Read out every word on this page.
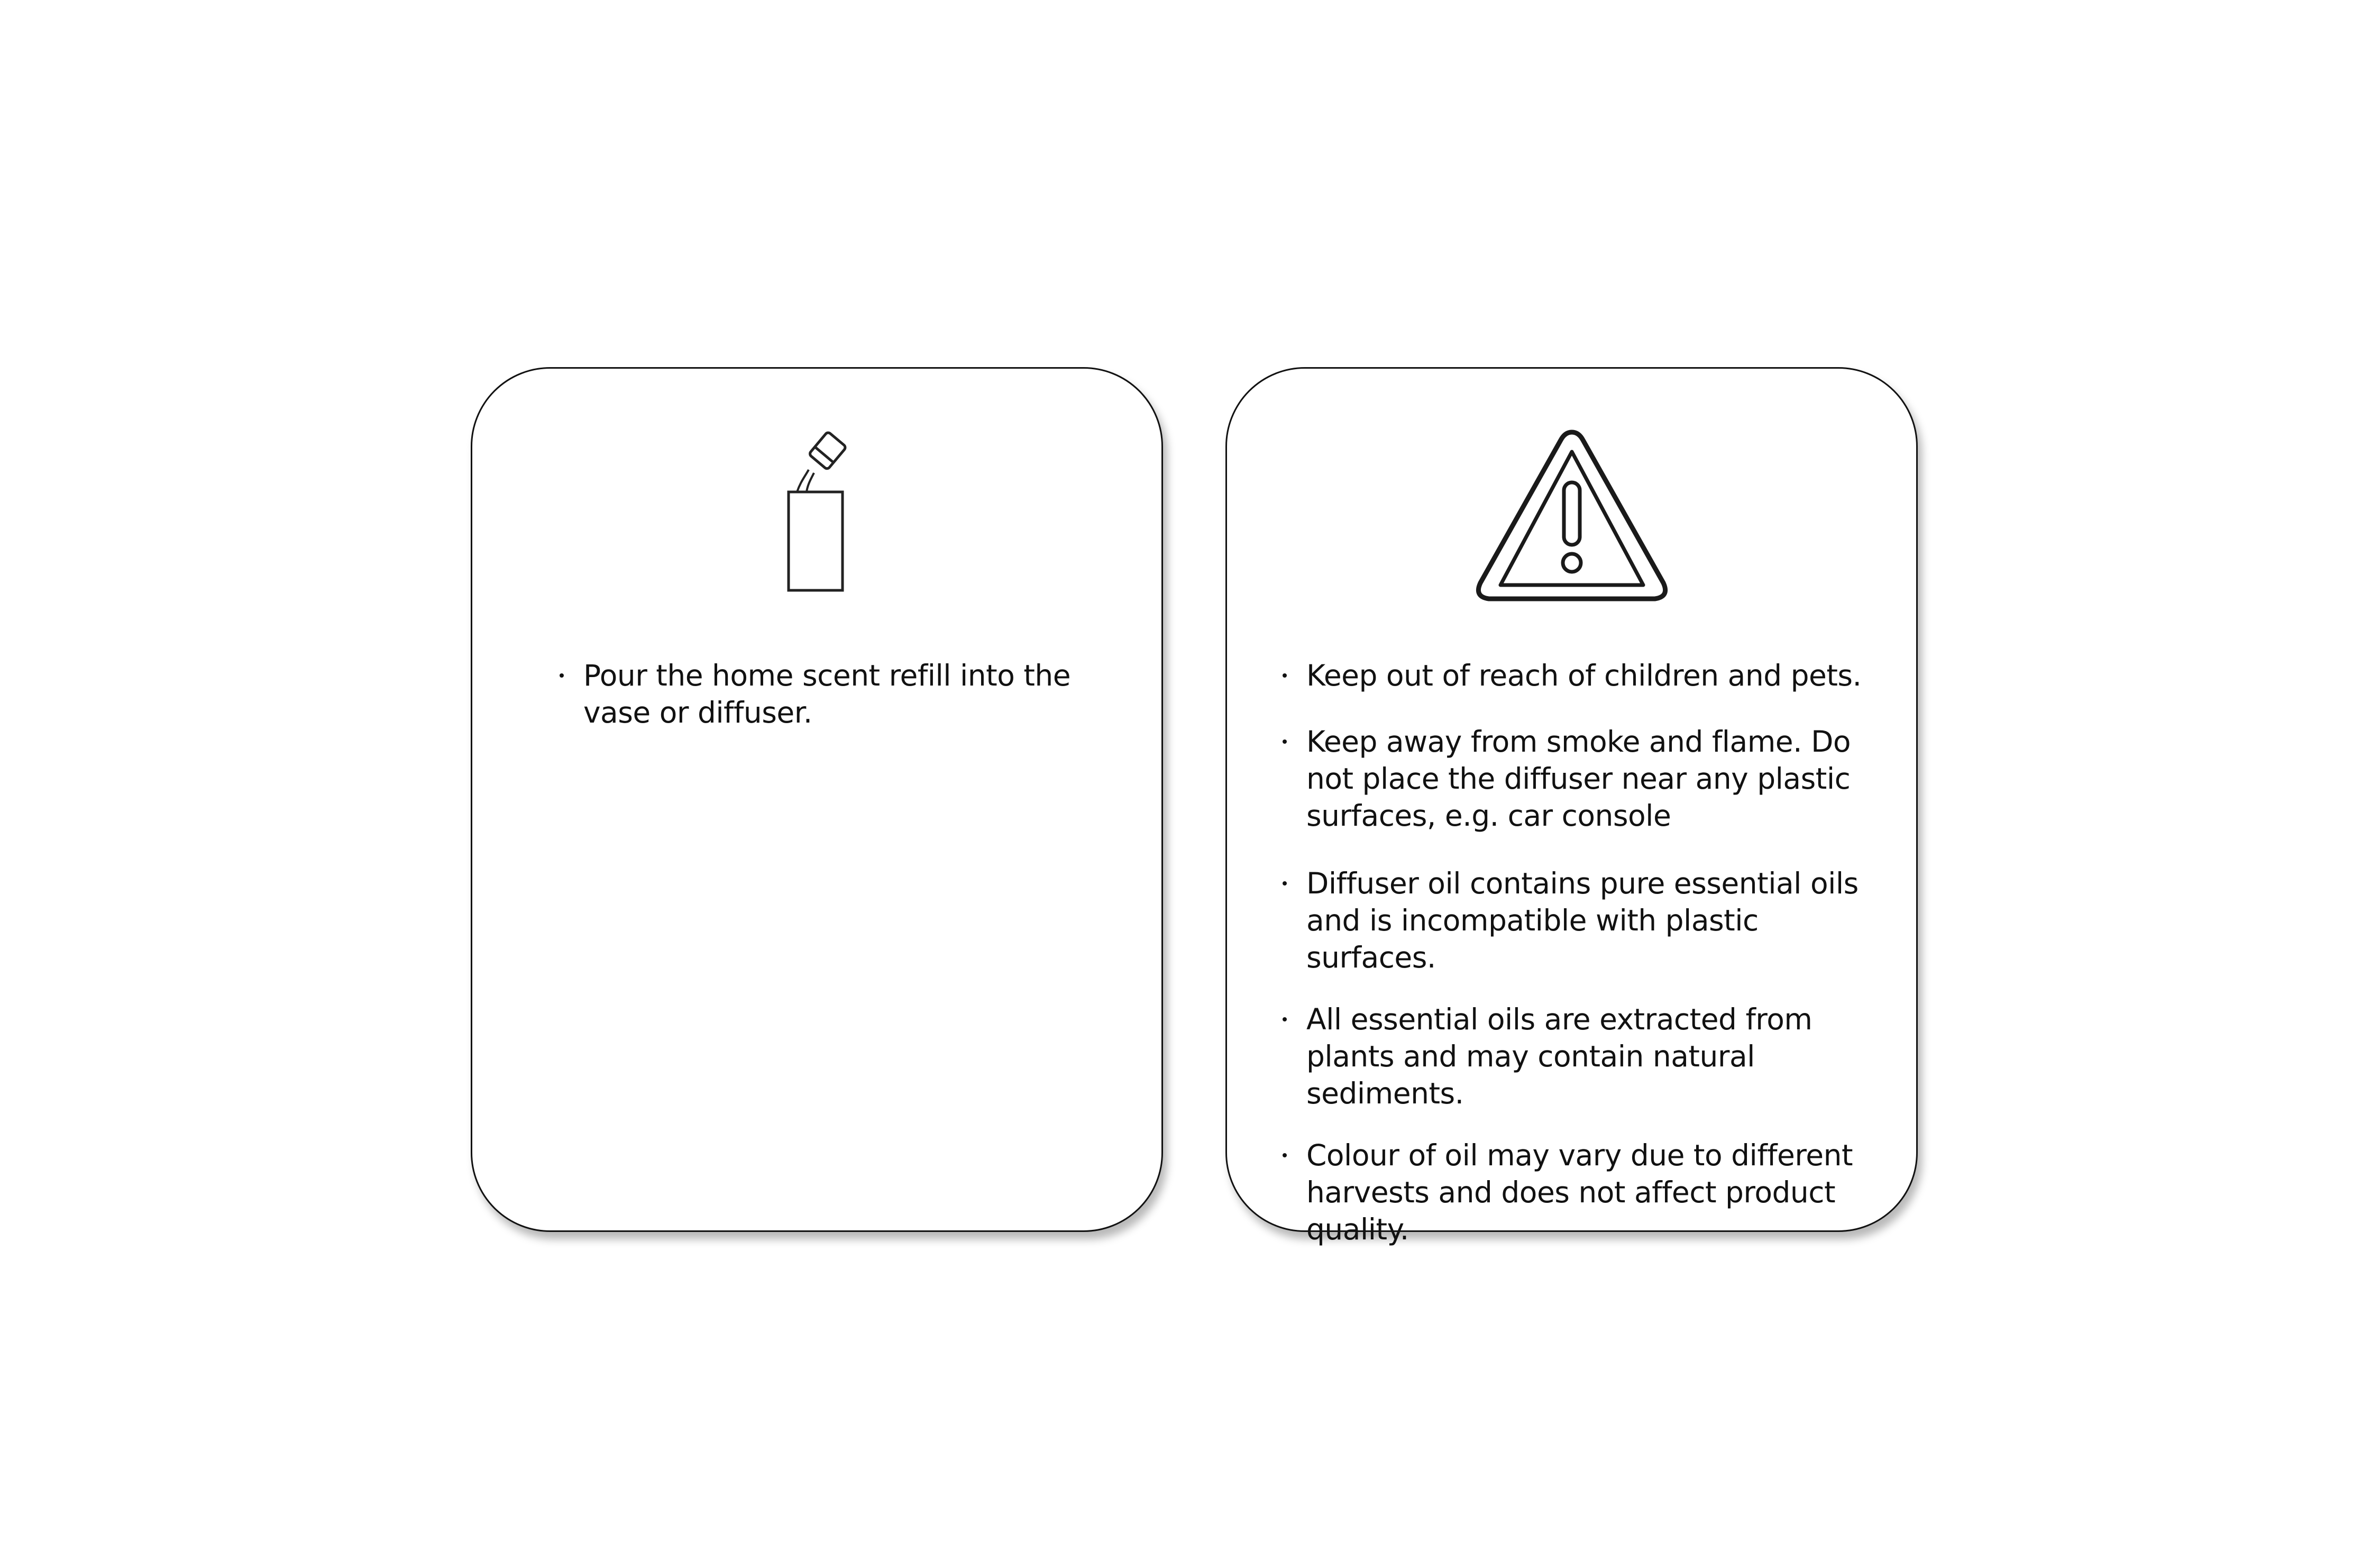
Pour the home scent refill into the vase or diffuser.
Keep out of reach of children and pets.
Keep away from smoke and flame. Do not place the diffuser near any plastic surfaces, e.g. car console
Diffuser oil contains pure essential oils and is incompatible with plastic surfaces.
All essential oils are extracted from plants and may contain natural sediments.
Colour of oil may vary due to different harvests and does not affect product quality.
